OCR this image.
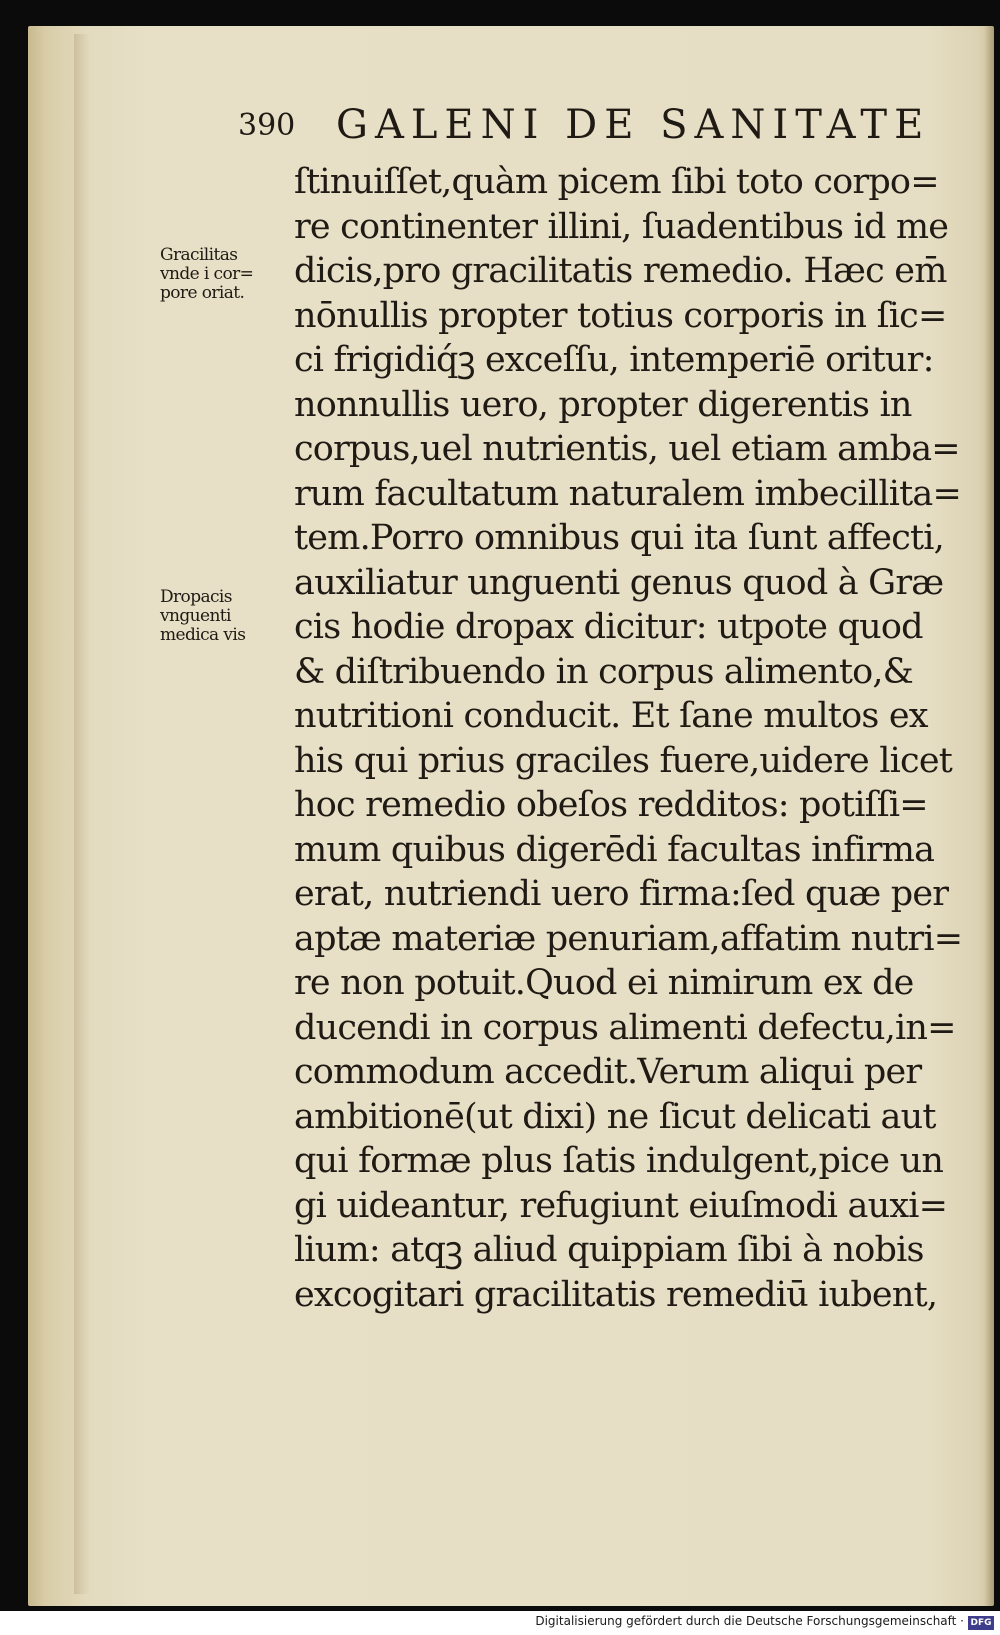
390 GALENI DE SANITATE
Gracilitas
vnde i cor=
pore oriat.
Dropacis
vnguenti
medica vis
ſtinuiſſet,quàm picem ſibi toto corpo=
re continenter illini, ſuadentibus id me
dicis,pro gracilitatis remedio. Hæc em̄
nōnullis propter totius corporis in ſic=
ci frigidiq́ꝫ exceſſu, intemperiē oritur:
nonnullis uero, propter digerentis in
corpus,uel nutrientis, uel etiam amba=
rum facultatum naturalem imbecillita=
tem.Porro omnibus qui ita ſunt affecti,
auxiliatur unguenti genus quod à Græ
cis hodie dropax dicitur: utpote quod
& diſtribuendo in corpus alimento,&
nutritioni conducit. Et ſane multos ex
his qui prius graciles fuere,uidere licet
hoc remedio obeſos redditos: potiſſi=
mum quibus digerēdi facultas infirma
erat, nutriendi uero firma:ſed quæ per
aptæ materiæ penuriam,affatim nutri=
re non potuit.Quod ei nimirum ex de
ducendi in corpus alimenti defectu,in=
commodum accedit.Verum aliqui per
ambitionē(ut dixi) ne ſicut delicati aut
qui formæ plus ſatis indulgent,pice un
gi uideantur, refugiunt eiuſmodi auxi=
lium: atqꝫ aliud quippiam ſibi à nobis
excogitari gracilitatis remediū iubent,
Digitalisierung gefördert durch die Deutsche Forschungsgemeinschaft · DFG
